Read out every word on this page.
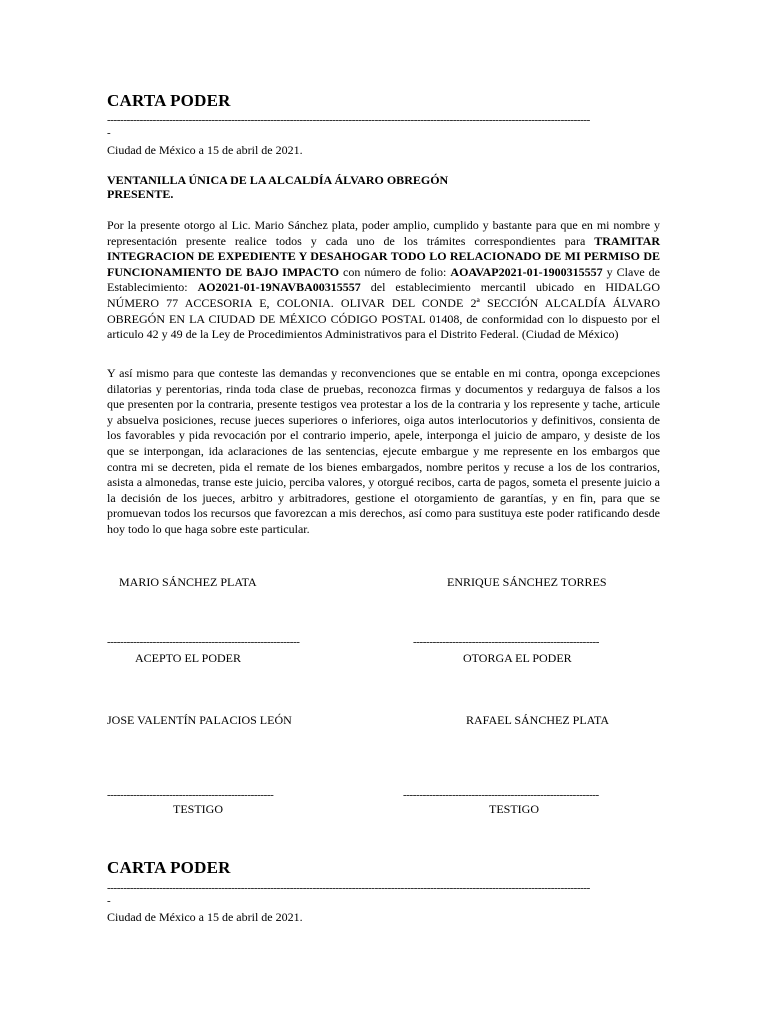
CARTA PODER
----------------------------------------------------------------------------------------------------------------------------------------------------
-
Ciudad de México a 15 de abril de 2021.
VENTANILLA ÚNICA DE LA ALCALDÍA ÁLVARO OBREGÓN
PRESENTE.

Por la presente otorgo al Lic. Mario Sánchez plata, poder amplio, cumplido y bastante para que en mi nombre y representación presente realice todos y cada uno de los trámites correspondientes para TRAMITAR INTEGRACION DE EXPEDIENTE Y DESAHOGAR TODO LO RELACIONADO DE MI PERMISO DE FUNCIONAMIENTO DE BAJO IMPACTO con número de folio: AOAVAP2021-01-1900315557 y Clave de Establecimiento: AO2021-01-19NAVBA00315557 del establecimiento mercantil ubicado en HIDALGO NÚMERO 77 ACCESORIA E, COLONIA. OLIVAR DEL CONDE 2ª SECCIÓN ALCALDÍA ÁLVARO OBREGÓN EN LA CIUDAD DE MÉXICO CÓDIGO POSTAL 01408, de conformidad con lo dispuesto por el articulo 42 y 49 de la Ley de Procedimientos Administrativos para el Distrito Federal. (Ciudad de México)

Y así mismo para que conteste las demandas y reconvenciones que se entable en mi contra, oponga excepciones dilatorias y perentorias, rinda toda clase de pruebas, reconozca firmas y documentos y redarguya de falsos a los que presenten por la contraria, presente testigos vea protestar a los de la contraria y los represente y tache, articule y absuelva posiciones, recuse jueces superiores o inferiores, oiga autos interlocutorios y definitivos, consienta de los favorables y pida revocación por el contrario imperio, apele, interponga el juicio de amparo, y desiste de los que se interpongan, ida aclaraciones de las sentencias, ejecute embargue y me represente en los embargos que contra mi se decreten, pida el remate de los bienes embargados, nombre peritos y recuse a los de los contrarios, asista a almonedas, transe este juicio, perciba valores, y otorgué recibos, carta de pagos, someta el presente juicio a la decisión de los jueces, arbitro y arbitradores, gestione el otorgamiento de garantías, y en fin, para que se promuevan todos los recursos que favorezcan a mis derechos, así como para sustituya este poder ratificando desde hoy todo lo que haga sobre este particular.

MARIO SÁNCHEZ PLATA	ENRIQUE SÁNCHEZ TORRES
-----------------------------------------------------------	---------------------------------------------------------
ACEPTO EL PODER	OTORGA EL PODER
JOSE VALENTÍN PALACIOS LEÓN	RAFAEL SÁNCHEZ PLATA
---------------------------------------------------	------------------------------------------------------------
TESTIGO	TESTIGO
CARTA PODER
----------------------------------------------------------------------------------------------------------------------------------------------------
-
Ciudad de México a 15 de abril de 2021.
